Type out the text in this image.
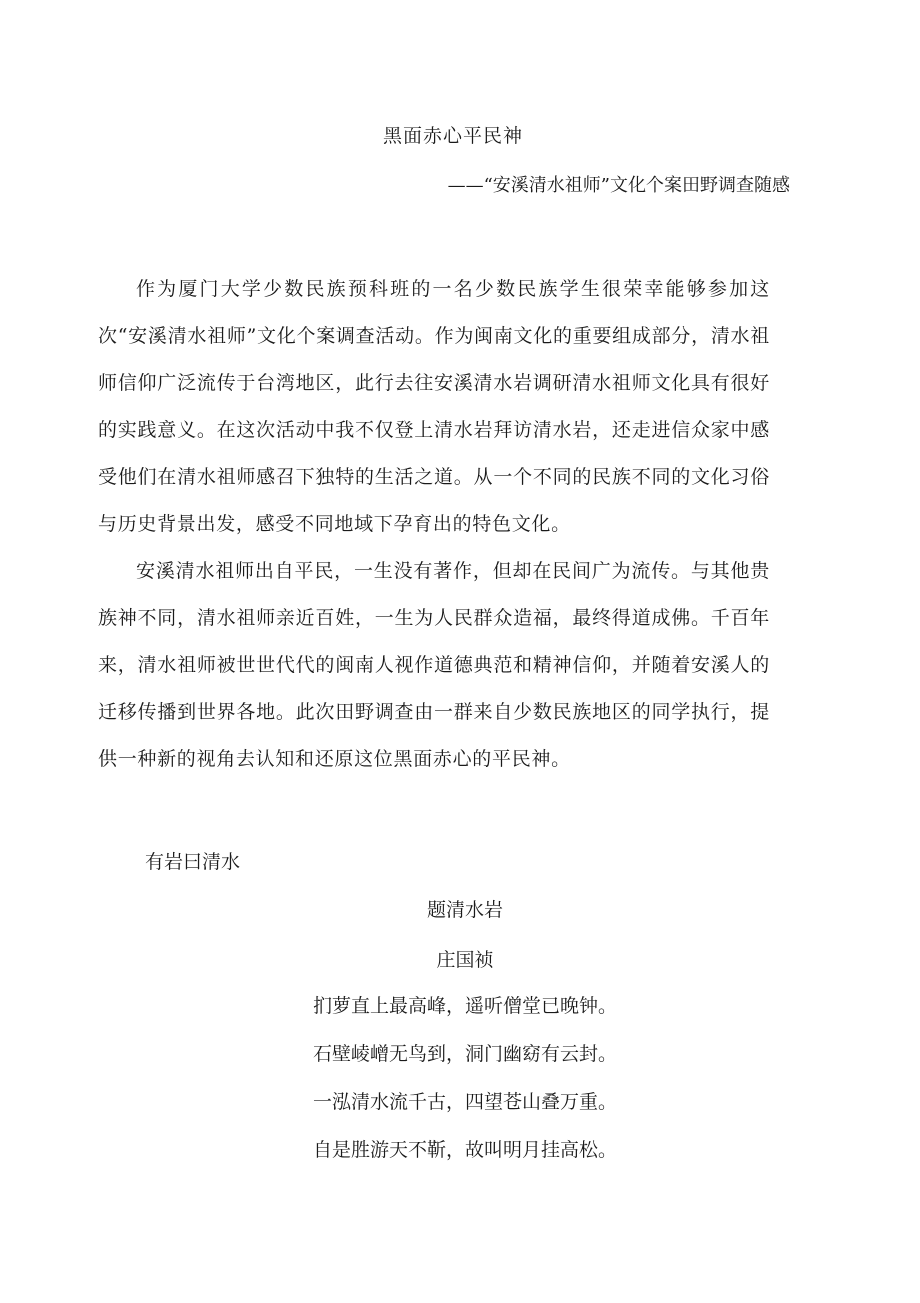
黑面赤心平民神
——“安溪清水祖师”文化个案田野调查随感

作为厦门大学少数民族预科班的一名少数民族学生很荣幸能够参加这次“安溪清水祖师”文化个案调查活动。作为闽南文化的重要组成部分，清水祖师信仰广泛流传于台湾地区，此行去往安溪清水岩调研清水祖师文化具有很好的实践意义。在这次活动中我不仅登上清水岩拜访清水岩，还走进信众家中感受他们在清水祖师感召下独特的生活之道。从一个不同的民族不同的文化习俗与历史背景出发，感受不同地域下孕育出的特色文化。

安溪清水祖师出自平民，一生没有著作，但却在民间广为流传。与其他贵族神不同，清水祖师亲近百姓，一生为人民群众造福，最终得道成佛。千百年来，清水祖师被世世代代的闽南人视作道德典范和精神信仰，并随着安溪人的迁移传播到世界各地。此次田野调查由一群来自少数民族地区的同学执行，提供一种新的视角去认知和还原这位黑面赤心的平民神。

有岩曰清水
题清水岩
庄国祯
扪萝直上最高峰，遥听僧堂已晚钟。
石壁崚嶒无鸟到，洞门幽窈有云封。
一泓清水流千古，四望苍山叠万重。
自是胜游天不靳，故叫明月挂高松。
